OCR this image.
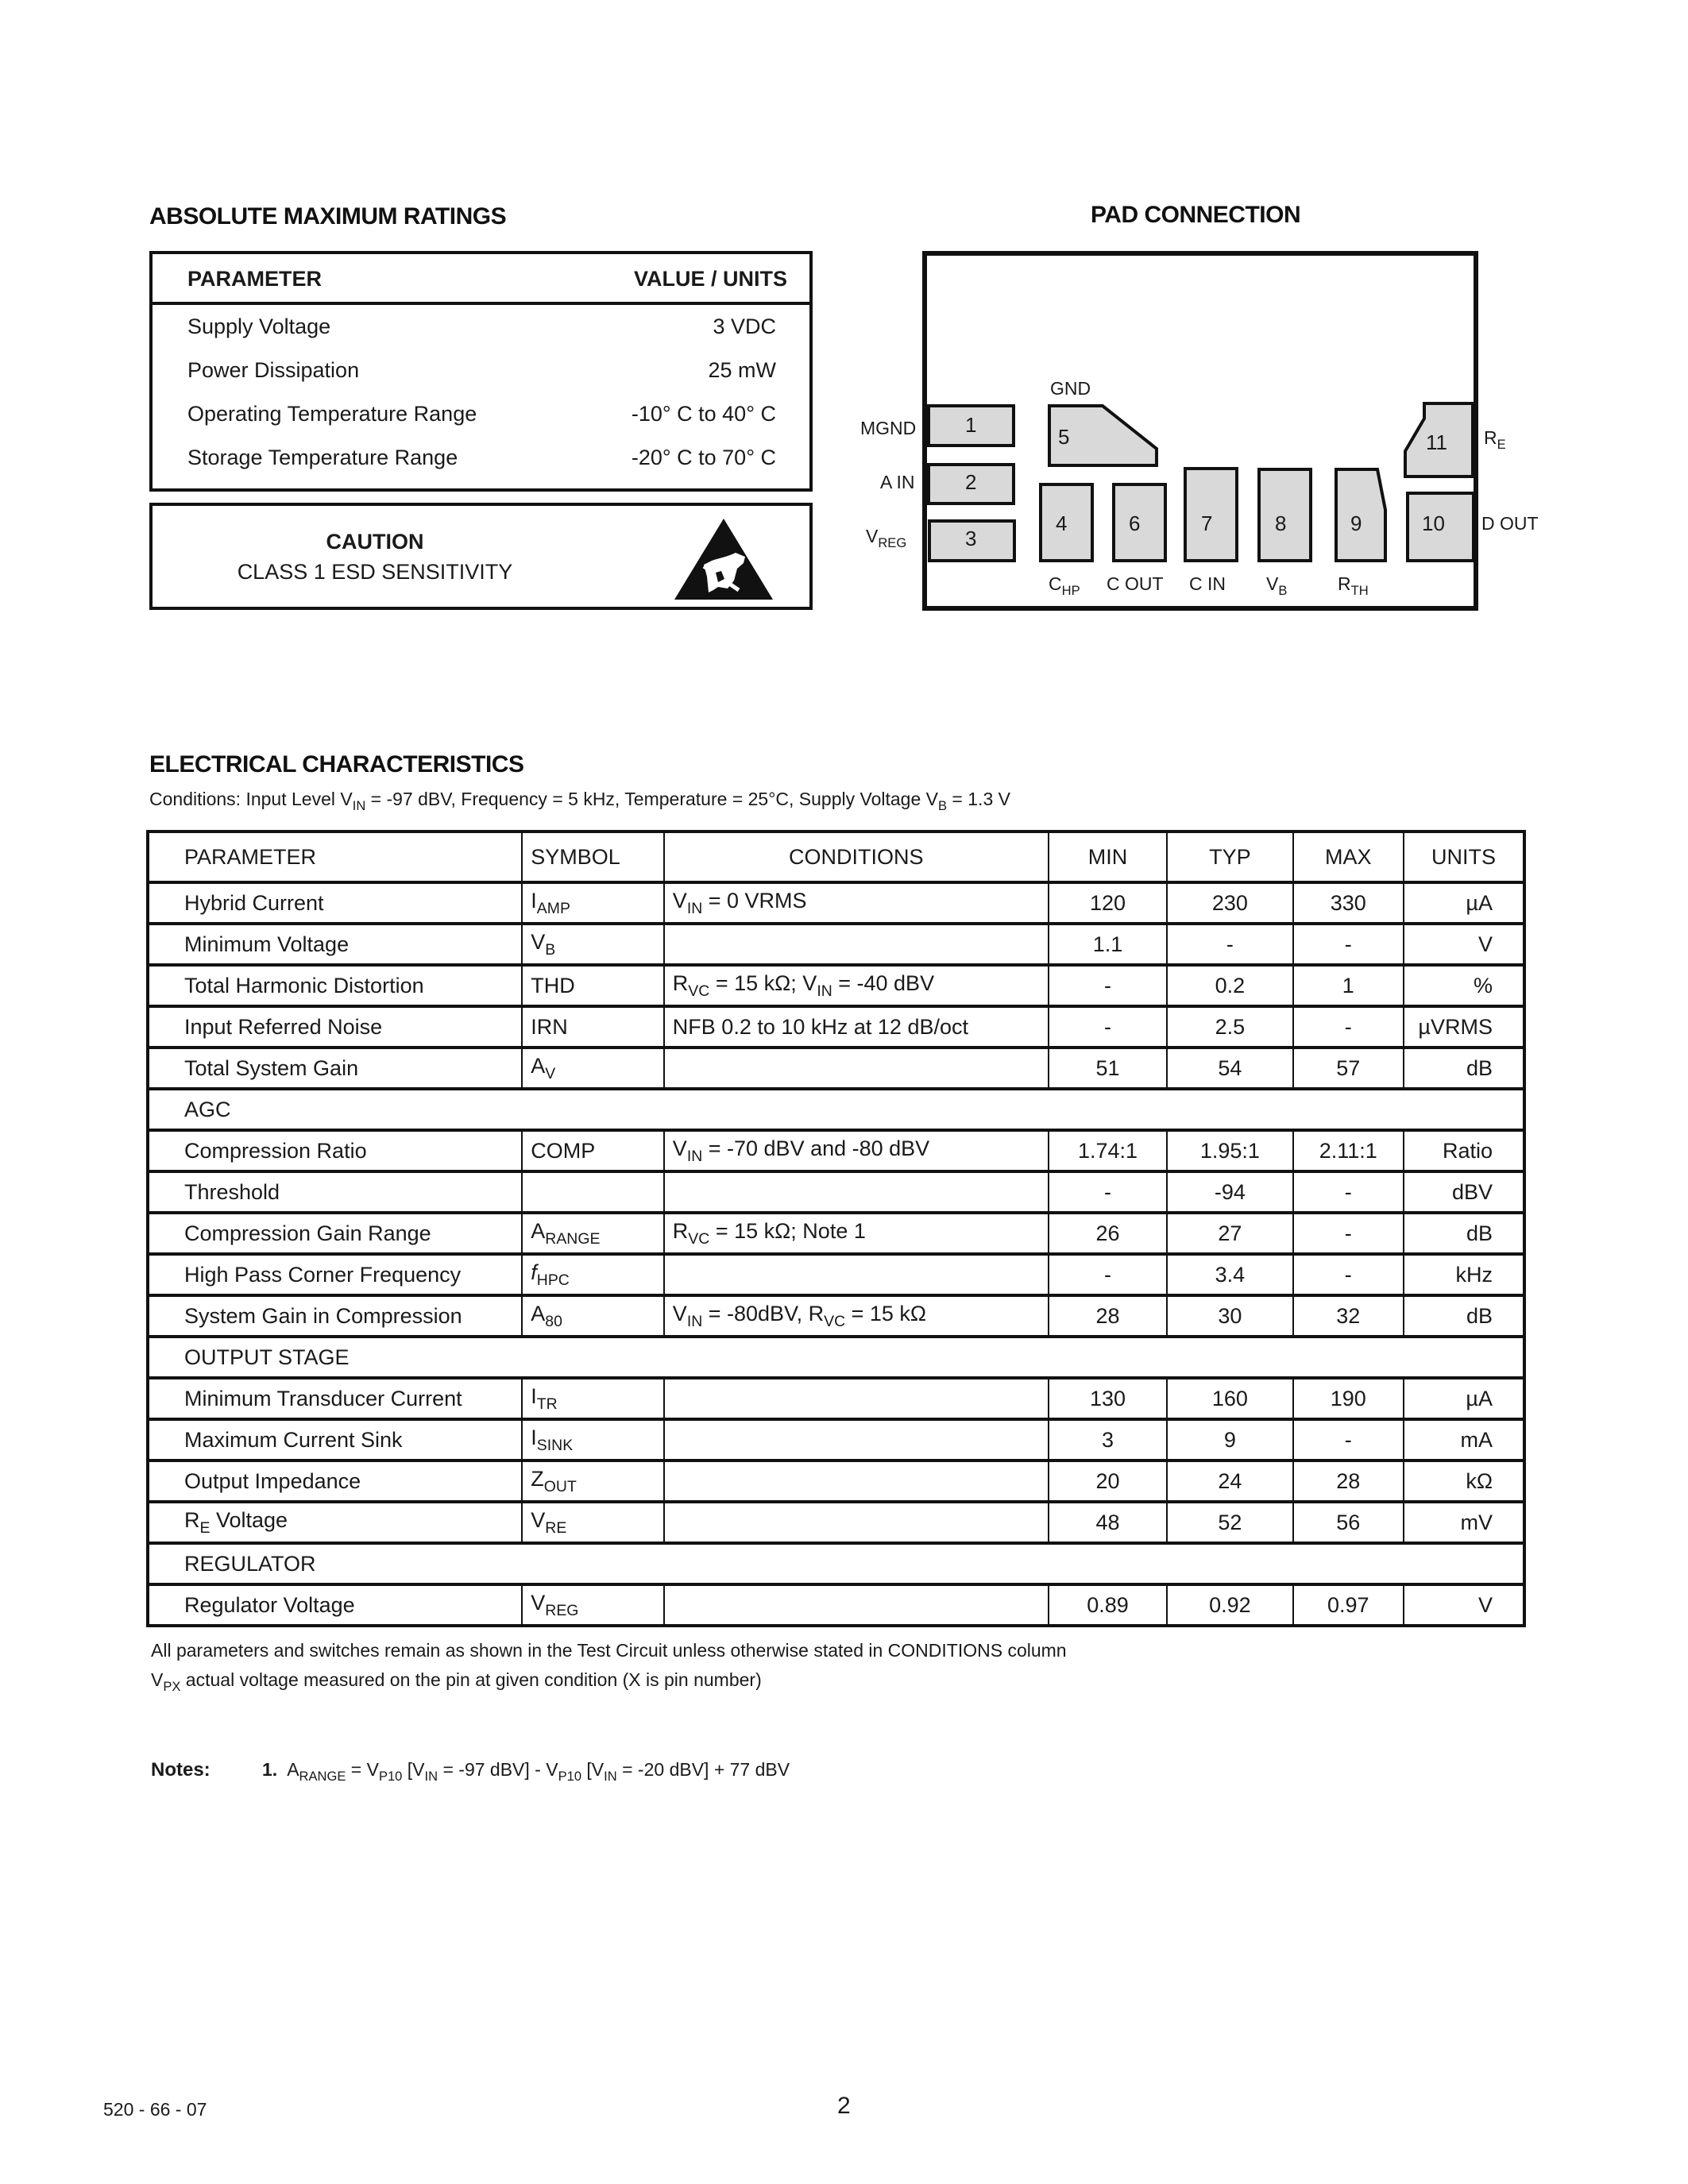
ABSOLUTE MAXIMUM RATINGS
PARAMETER	VALUE / UNITS
Supply Voltage	3 VDC
Power Dissipation	25 mW
Operating Temperature Range	-10° C to 40° C
Storage Temperature Range	-20° C to 70° C
CAUTION
CLASS 1 ESD SENSITIVITY
PAD CONNECTION
1
2
3
5
4	6	7	8	9	10
11
MGND
A IN
$V_{REG}$
GND
$C_{HP}$ C OUT C IN $V_B$	$R_{TH}$
$R_E$
D OUT
ELECTRICAL CHARACTERISTICS
Conditions: Input Level $V_{IN} = -97$ dBV, Frequency = 5 kHz, Temperature = 25°C, Supply Voltage $V_B = 1.3$ V
PARAMETER	SYMBOL	CONDITIONS	MIN	TYP	MAX	UNITS
Hybrid Current	$I_{AMP}$	$V_{IN} = 0$ VRMS	120	230	330	µA
Minimum Voltage	$V_B$		1.1	-	-	V
Total Harmonic Distortion	THD	$R_{VC} = 15$ kΩ; $V_{IN} = -40$ dBV	-	0.2	1	%
Input Referred Noise	IRN	NFB 0.2 to 10 kHz at 12 dB/oct	-	2.5	-	µVRMS
Total System Gain	$A_V$		51	54	57	dB
AGC						
Compression Ratio	COMP	$V_{IN} = -70$ dBV and -80 dBV	1.74:1	1.95:1	2.11:1	Ratio
Threshold			-	-94	-	dBV
Compression Gain Range	$A_{RANGE}$	$R_{VC} = 15$ kΩ; Note 1	26	27	-	dB
High Pass Corner Frequency	$f_{HPC}$		-	3.4	-	kHz
System Gain in Compression	$A_{80}$	$V_{IN} = -80dBV$, $R_{VC} = 15$ kΩ	28	30	32	dB
OUTPUT STAGE						
Minimum Transducer Current	$I_{TR}$		130	160	190	µA
Maximum Current Sink	$I_{SINK}$		3	9	-	mA
Output Impedance	$Z_{OUT}$		20	24	28	kΩ
$R_E$ Voltage	$V_{RE}$		48	52	56	mV
REGULATOR						
Regulator Voltage	$V_{REG}$		0.89	0.92	0.97	V
All parameters and switches remain as shown in the Test Circuit unless otherwise stated in CONDITIONS column
$V_{PX}$ actual voltage measured on the pin at given condition (X is pin number)
Notes:	1. $A_{RANGE} = V_{P10}$ [$V_{IN} = -97$ $dBV] - V_{P10}$ [$V_{IN} = -20$ dBV] + 77 dBV
520 - 66 - 07	2
